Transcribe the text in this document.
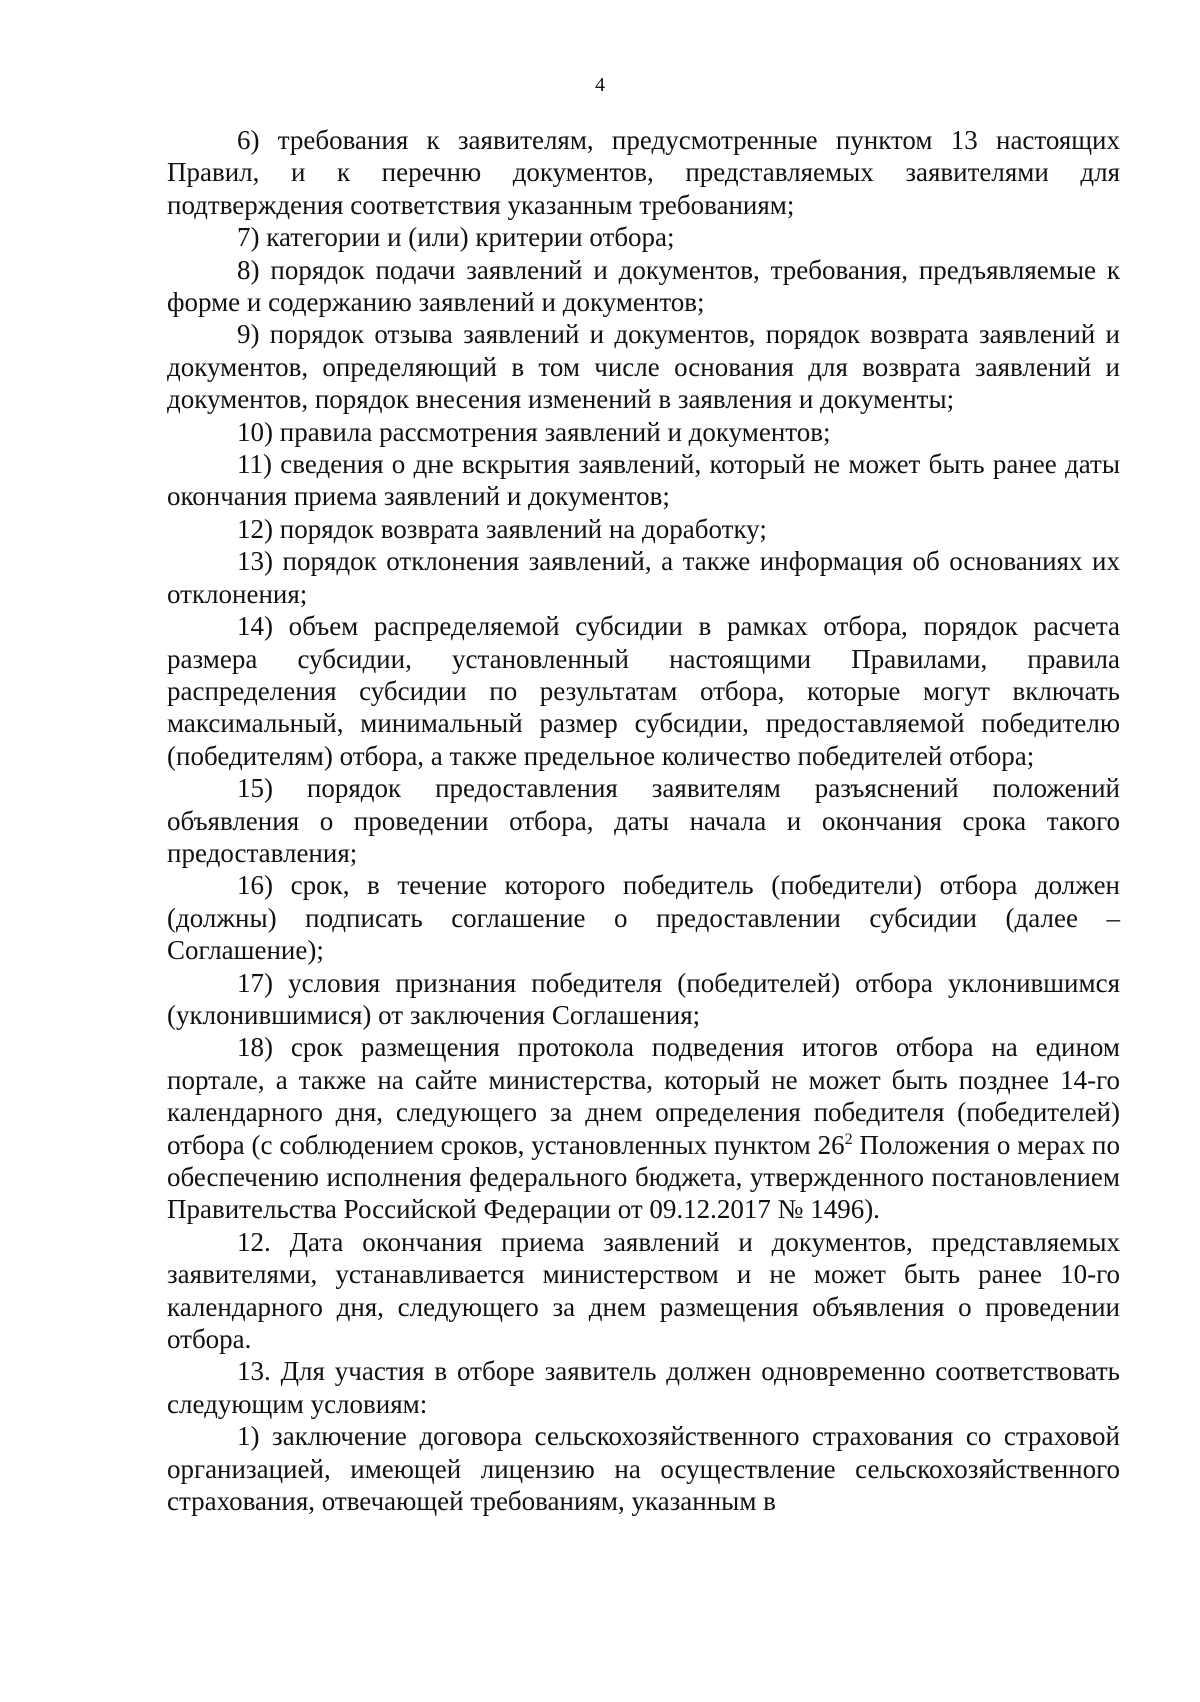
4

6) требования к заявителям, предусмотренные пунктом 13 настоящих Правил, и к перечню документов, представляемых заявителями для подтверждения соответствия указанным требованиям;

7) категории и (или) критерии отбора;

8) порядок подачи заявлений и документов, требования, предъявляемые к форме и содержанию заявлений и документов;

9) порядок отзыва заявлений и документов, порядок возврата заявлений и документов, определяющий в том числе основания для возврата заявлений и документов, порядок внесения изменений в заявления и документы;

10) правила рассмотрения заявлений и документов;

11) сведения о дне вскрытия заявлений, который не может быть ранее даты окончания приема заявлений и документов;

12) порядок возврата заявлений на доработку;

13) порядок отклонения заявлений, а также информация об основаниях их отклонения;

14) объем распределяемой субсидии в рамках отбора, порядок расчета размера субсидии, установленный настоящими Правилами, правила распределения субсидии по результатам отбора, которые могут включать максимальный, минимальный размер субсидии, предоставляемой победителю (победителям) отбора, а также предельное количество победителей отбора;

15) порядок предоставления заявителям разъяснений положений объявления о проведении отбора, даты начала и окончания срока такого предоставления;

16) срок, в течение которого победитель (победители) отбора должен (должны) подписать соглашение о предоставлении субсидии (далее – Соглашение);

17) условия признания победителя (победителей) отбора уклонившимся (уклонившимися) от заключения Соглашения;

18) срок размещения протокола подведения итогов отбора на едином портале, а также на сайте министерства, который не может быть позднее 14-го календарного дня, следующего за днем определения победителя (победителей) отбора (с соблюдением сроков, установленных пунктом $26^2$ Положения о мерах по обеспечению исполнения федерального бюджета, утвержденного постановлением Правительства Российской Федерации от 09.12.2017 № 1496).

12. Дата окончания приема заявлений и документов, представляемых заявителями, устанавливается министерством и не может быть ранее 10-го календарного дня, следующего за днем размещения объявления о проведении отбора.

13. Для участия в отборе заявитель должен одновременно соответствовать следующим условиям:

1) заключение договора сельскохозяйственного страхования со страховой организацией, имеющей лицензию на осуществление сельскохозяйственного страхования, отвечающей требованиям, указанным в
